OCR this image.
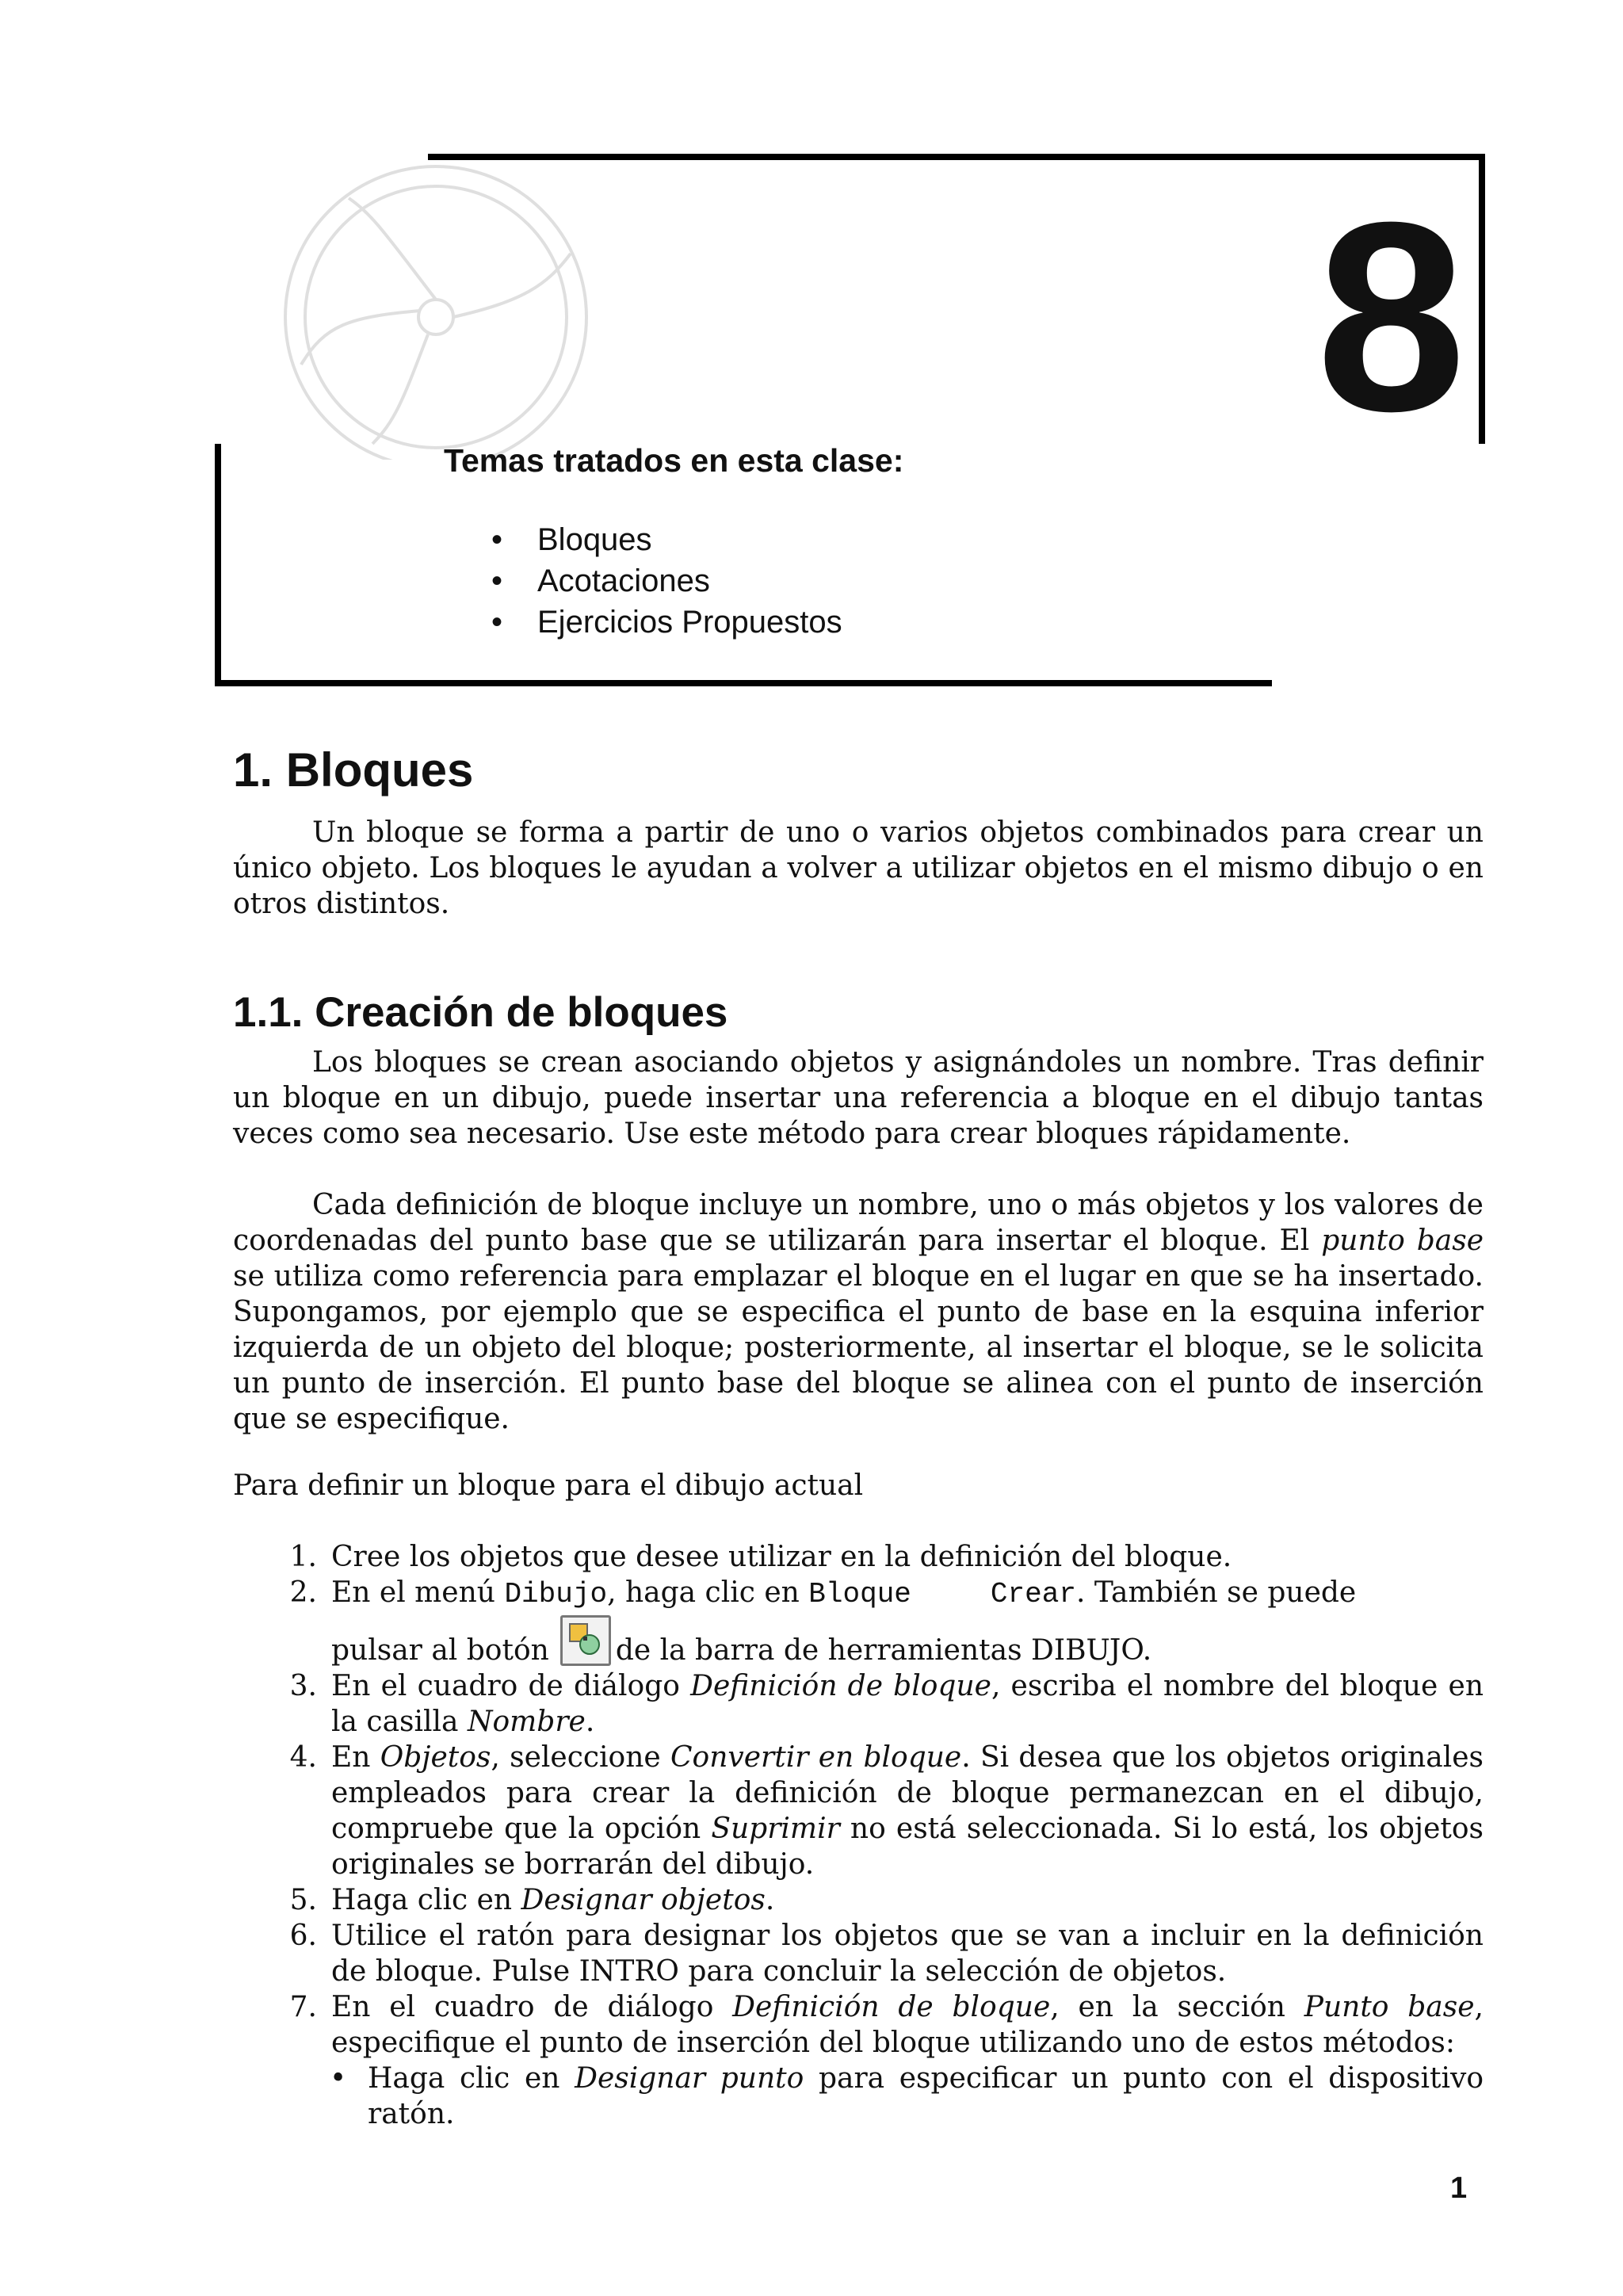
8
Temas tratados en esta clase:
• Bloques
• Acotaciones
• Ejercicios Propuestos
1. Bloques

Un bloque se forma a partir de uno o varios objetos combinados para crear un único objeto. Los bloques le ayudan a volver a utilizar objetos en el mismo dibujo o en otros distintos.

1.1. Creación de bloques

Los bloques se crean asociando objetos y asignándoles un nombre. Tras definir un bloque en un dibujo, puede insertar una referencia a bloque en el dibujo tantas veces como sea necesario. Use este método para crear bloques rápidamente.

Cada definición de bloque incluye un nombre, uno o más objetos y los valores de coordenadas del punto base que se utilizarán para insertar el bloque. El punto base se utiliza como referencia para emplazar el bloque en el lugar en que se ha insertado. Supongamos, por ejemplo que se especifica el punto de base en la esquina inferior izquierda de un objeto del bloque; posteriormente, al insertar el bloque, se le solicita un punto de inserción. El punto base del bloque se alinea con el punto de inserción que se especifique.

Para definir un bloque para el dibujo actual

1. Cree los objetos que desee utilizar en la definición del bloque.
2. En el menú Dibujo, haga clic en Bloque	Crear. También se puede
pulsar al botón de la barra de herramientas DIBUJO.
3. En el cuadro de diálogo Definición de bloque, escriba el nombre del bloque en la casilla Nombre.
4. En Objetos, seleccione Convertir en bloque. Si desea que los objetos originales empleados para crear la definición de bloque permanezcan en el dibujo, compruebe que la opción Suprimir no está seleccionada. Si lo está, los objetos originales se borrarán del dibujo.
5. Haga clic en Designar objetos.
6. Utilice el ratón para designar los objetos que se van a incluir en la definición de bloque. Pulse INTRO para concluir la selección de objetos.
7. En el cuadro de diálogo Definición de bloque, en la sección Punto base, especifique el punto de inserción del bloque utilizando uno de estos métodos:
• Haga clic en Designar punto para especificar un punto con el dispositivo ratón.
1
